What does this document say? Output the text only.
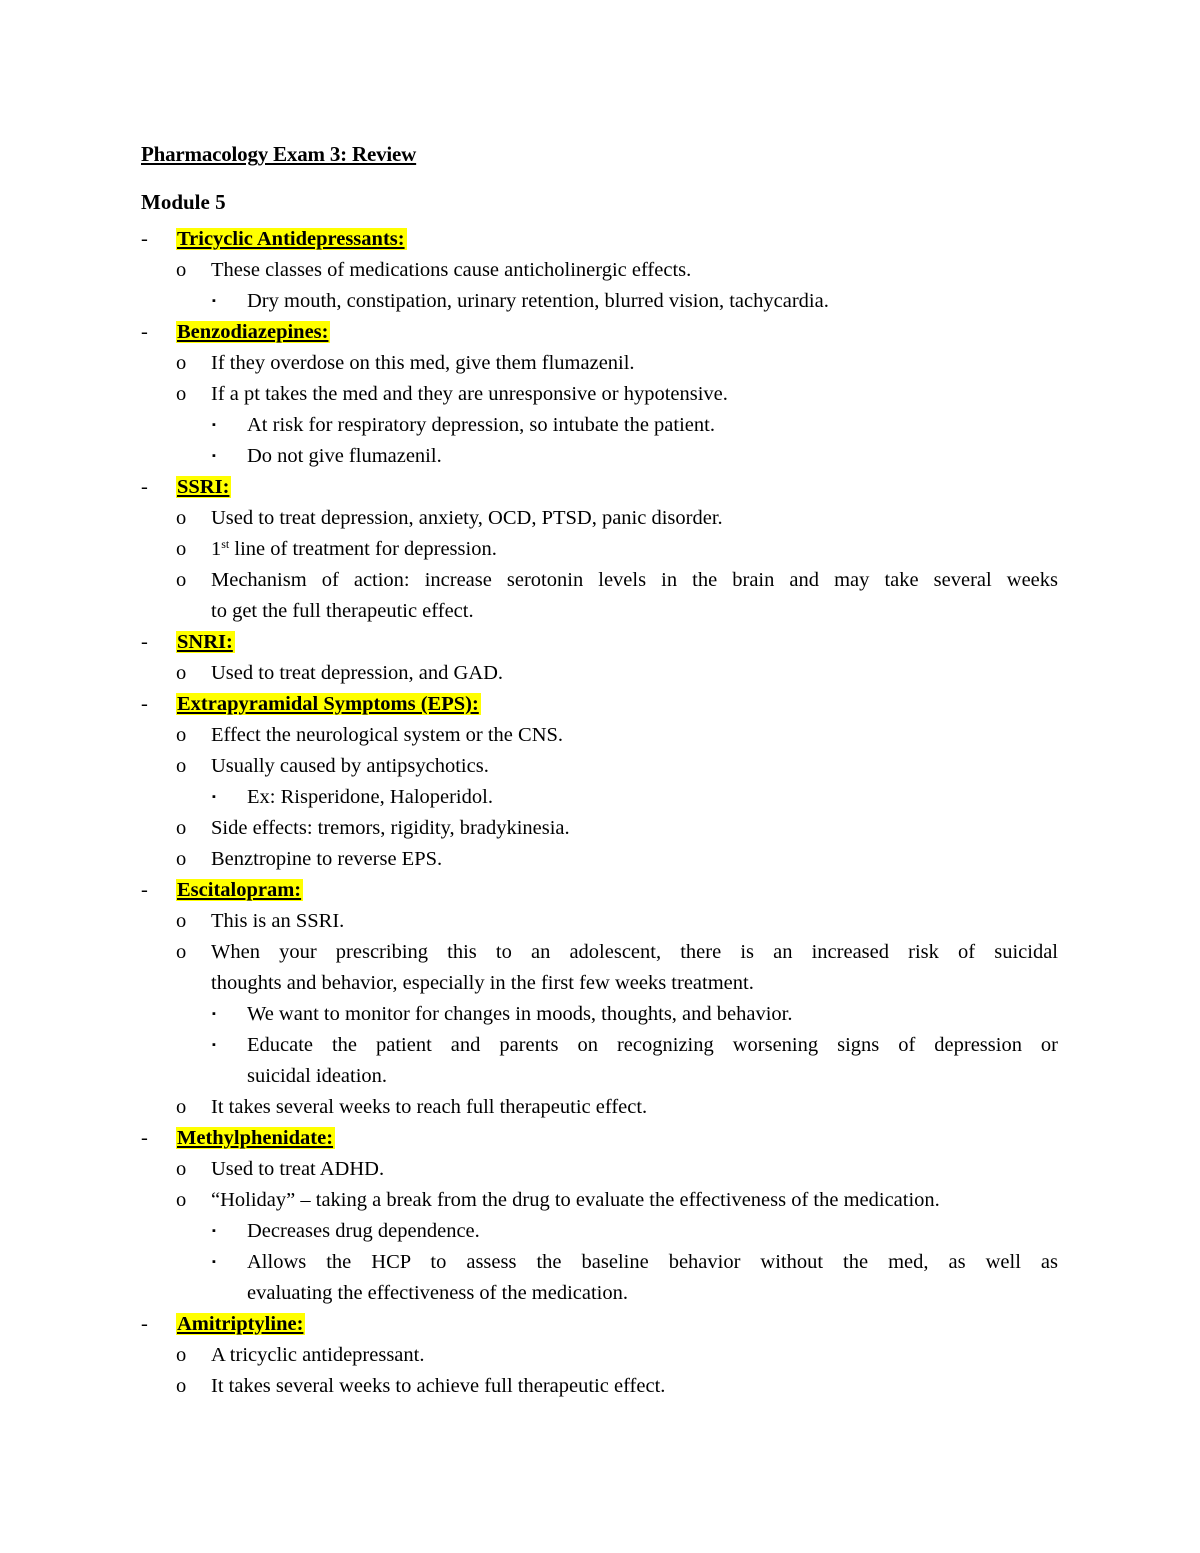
Pharmacology Exam 3: Review
Module 5
- Tricyclic Antidepressants:
o These classes of medications cause anticholinergic effects.
▪ Dry mouth, constipation, urinary retention, blurred vision, tachycardia.
- Benzodiazepines:
o If they overdose on this med, give them flumazenil.
o If a pt takes the med and they are unresponsive or hypotensive.
▪ At risk for respiratory depression, so intubate the patient.
▪ Do not give flumazenil.
- SSRI:
o Used to treat depression, anxiety, OCD, PTSD, panic disorder.
o 1st line of treatment for depression.
o Mechanism of action: increase serotonin levels in the brain and may take several weeks
to get the full therapeutic effect.
- SNRI:
o Used to treat depression, and GAD.
- Extrapyramidal Symptoms (EPS):
o Effect the neurological system or the CNS.
o Usually caused by antipsychotics.
▪ Ex: Risperidone, Haloperidol.
o Side effects: tremors, rigidity, bradykinesia.
o Benztropine to reverse EPS.
- Escitalopram:
o This is an SSRI.
o When your prescribing this to an adolescent, there is an increased risk of suicidal
thoughts and behavior, especially in the first few weeks treatment.
▪ We want to monitor for changes in moods, thoughts, and behavior.
▪ Educate the patient and parents on recognizing worsening signs of depression or
suicidal ideation.
o It takes several weeks to reach full therapeutic effect.
- Methylphenidate:
o Used to treat ADHD.
o “Holiday” – taking a break from the drug to evaluate the effectiveness of the medication.
▪ Decreases drug dependence.
▪ Allows the HCP to assess the baseline behavior without the med, as well as
evaluating the effectiveness of the medication.
- Amitriptyline:
o A tricyclic antidepressant.
o It takes several weeks to achieve full therapeutic effect.
